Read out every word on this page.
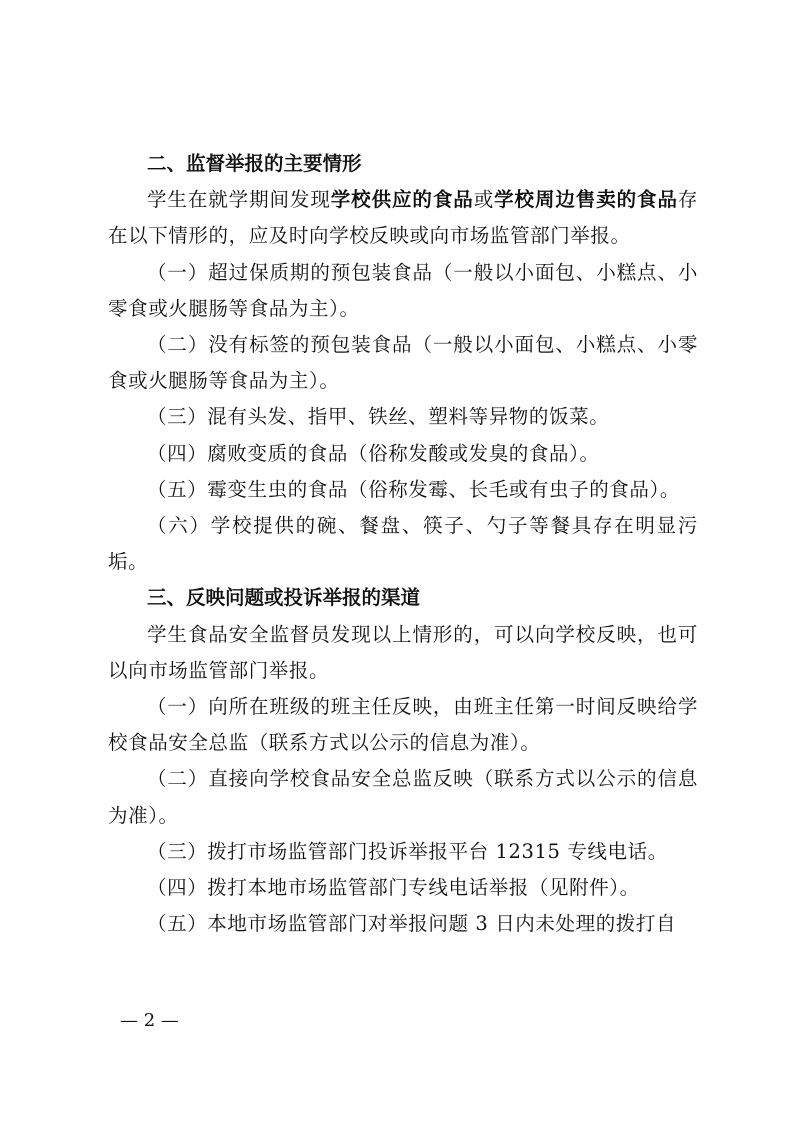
二、监督举报的主要情形

学生在就学期间发现学校供应的食品或学校周边售卖的食品存在以下情形的，应及时向学校反映或向市场监管部门举报。

（一）超过保质期的预包装食品（一般以小面包、小糕点、小零食或火腿肠等食品为主）。

（二）没有标签的预包装食品（一般以小面包、小糕点、小零食或火腿肠等食品为主）。

（三）混有头发、指甲、铁丝、塑料等异物的饭菜。

（四）腐败变质的食品（俗称发酸或发臭的食品）。

（五）霉变生虫的食品（俗称发霉、长毛或有虫子的食品）。

（六）学校提供的碗、餐盘、筷子、勺子等餐具存在明显污垢。

三、反映问题或投诉举报的渠道

学生食品安全监督员发现以上情形的，可以向学校反映，也可以向市场监管部门举报。

（一）向所在班级的班主任反映，由班主任第一时间反映给学校食品安全总监（联系方式以公示的信息为准）。

（二）直接向学校食品安全总监反映（联系方式以公示的信息为准）。

（三）拨打市场监管部门投诉举报平台 12315 专线电话。

（四）拨打本地市场监管部门专线电话举报（见附件）。

（五）本地市场监管部门对举报问题 3 日内未处理的拨打自

— 2 —
